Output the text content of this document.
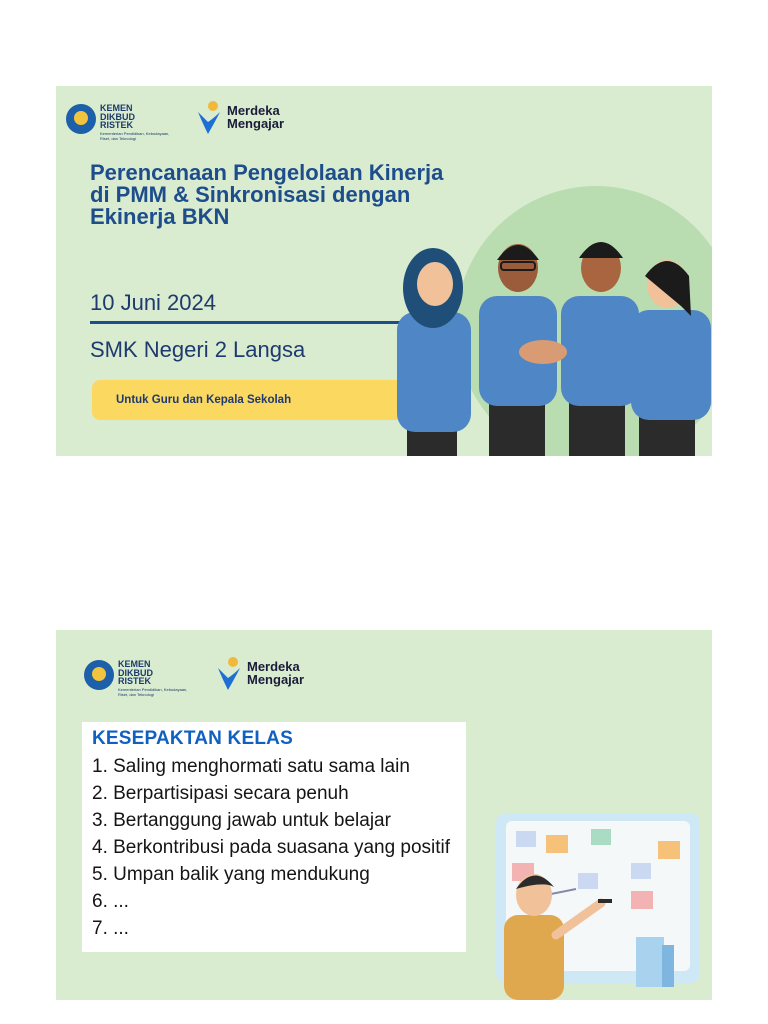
KEMEN
DIKBUD
RISTEK
Kementerian Pendidikan, Kebudayaan, Riset, dan Teknologi
Merdeka
Mengajar
Perencanaan Pengelolaan Kinerja di PMM & Sinkronisasi dengan Ekinerja BKN
10 Juni 2024
SMK Negeri 2 Langsa
Untuk Guru dan Kepala Sekolah
KEMEN
DIKBUD
RISTEK
Kementerian Pendidikan, Kebudayaan, Riset, dan Teknologi
Merdeka
Mengajar
KESEPAKTAN KELAS
1. Saling menghormati satu sama lain
2. Berpartisipasi secara penuh
3. Bertanggung jawab untuk belajar
4. Berkontribusi pada suasana yang positif
5. Umpan balik yang mendukung
6. ...
7. ...
